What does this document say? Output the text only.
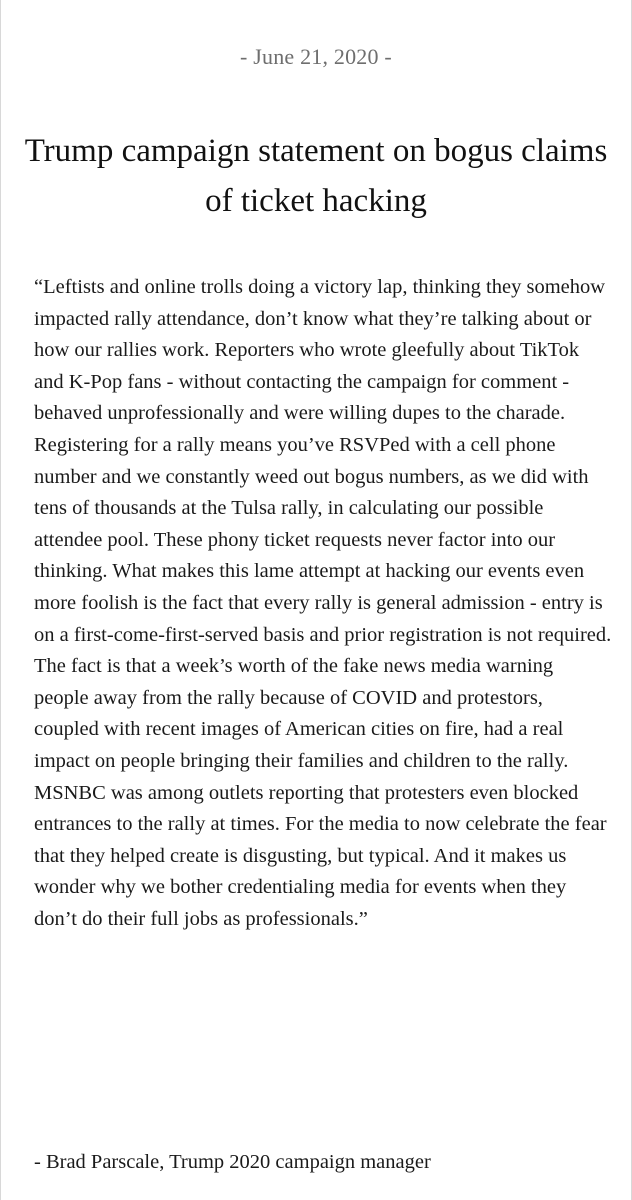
- June 21, 2020 -
Trump campaign statement on bogus claims of ticket hacking

“Leftists and online trolls doing a victory lap, thinking they somehow impacted rally attendance, don’t know what they’re talking about or how our rallies work. Reporters who wrote gleefully about TikTok and K-Pop fans - without contacting the campaign for comment - behaved unprofessionally and were willing dupes to the charade. Registering for a rally means you’ve RSVPed with a cell phone number and we constantly weed out bogus numbers, as we did with tens of thousands at the Tulsa rally, in calculating our possible attendee pool. These phony ticket requests never factor into our thinking. What makes this lame attempt at hacking our events even more foolish is the fact that every rally is general admission - entry is on a first-come-first-served basis and prior registration is not required. The fact is that a week’s worth of the fake news media warning people away from the rally because of COVID and protestors, coupled with recent images of American cities on fire, had a real impact on people bringing their families and children to the rally. MSNBC was among outlets reporting that protesters even blocked entrances to the rally at times. For the media to now celebrate the fear that they helped create is disgusting, but typical. And it makes us wonder why we bother credentialing media for events when they don’t do their full jobs as professionals.”

- Brad Parscale, Trump 2020 campaign manager
